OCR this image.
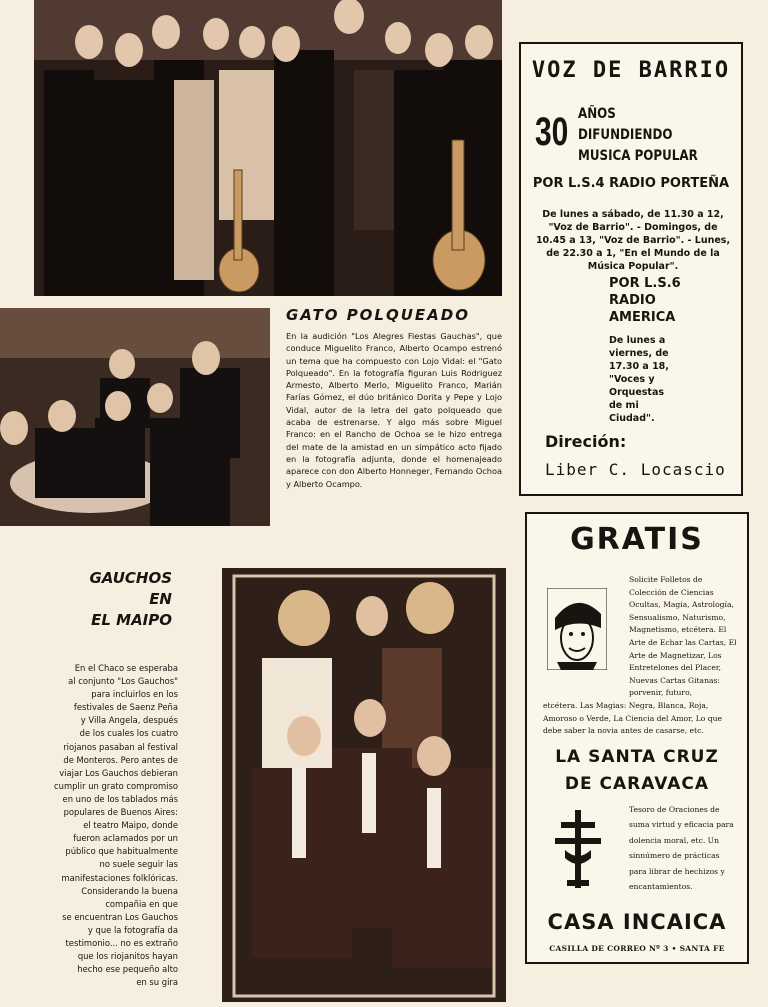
VOZ DE BARRIO
30 AÑOS
DIFUNDIENDO
MUSICA POPULAR
POR L.S.4 RADIO PORTEÑA
De lunes a sábado, de 11.30 a 12, "Voz de Barrio". - Domingos, de 10.45 a 13, "Voz de Barrio". - Lunes, de 22.30 a 1, "En el Mundo de la Música Popular".
POR L.S.6
RADIO
AMERICA
De lunes a
viernes, de
17.30 a 18,
"Voces y
Orquestas
de mi
Ciudad".
Direción:
Liber C. Locascio
GATO POLQUEADO
En la audición "Los Alegres Fiestas Gauchas", que conduce Miguelito Franco, Alberto Ocampo estrenó un tema que ha compuesto con Lojo Vidal: el "Gato Polqueado". En la fotografía figuran Luis Rodriguez Armesto, Alberto Merlo, Miguelito Franco, Marián Farías Gómez, el dúo británico Dorita y Pepe y Lojo Vidal, autor de la letra del gato polqueado que acaba de estrenarse. Y algo más sobre Miguel Franco: en el Rancho de Ochoa se le hizo entrega del mate de la amistad en un simpático acto fijado en la fotografía adjunta, donde el homenajeado aparece con don Alberto Honneger, Fernando Ochoa y Alberto Ocampo.
GAUCHOS
EN
EL MAIPO
En el Chaco se esperaba
al conjunto "Los Gauchos"
para incluirlos en los
festivales de Saenz Peña
y Villa Angela, después
de los cuales los cuatro
riojanos pasaban al festival
de Monteros. Pero antes de
viajar Los Gauchos debieran
cumplir un grato compromiso
en uno de los tablados más
populares de Buenos Aires:
el teatro Maipo, donde
fueron aclamados por un
público que habitualmente
no suele seguir las
manifestaciones folklóricas.
Considerando la buena
compañia en que
se encuentran Los Gauchos
y que la fotografía da
testimonio... no es extraño
que los riojanitos hayan
hecho ese pequeño alto
en su gira
GRATIS
Solicite Folletos de Colección de Ciencias Ocultas, Magia, Astrología, Sensualismo, Naturismo, Magnetismo, etcétera. El Arte de Echar las Cartas, El Arte de Magnetizar, Los Entretelones del Placer, Nuevas Cartas Gitanas: porvenir, futuro,
etcétera. Las Magias: Negra, Blanca, Roja, Amoroso o Verde, La Ciencia del Amor, Lo que debe saber la novia antes de casarse, etc.
LA SANTA CRUZ
DE CARAVACA
Tesoro de Oraciones de suma virtud y eficacia para dolencia moral, etc. Un sinnúmero de prácticas para librar de hechizos y encantamientos.
CASA INCAICA
CASILLA DE CORREO Nº 3 • SANTA FE
